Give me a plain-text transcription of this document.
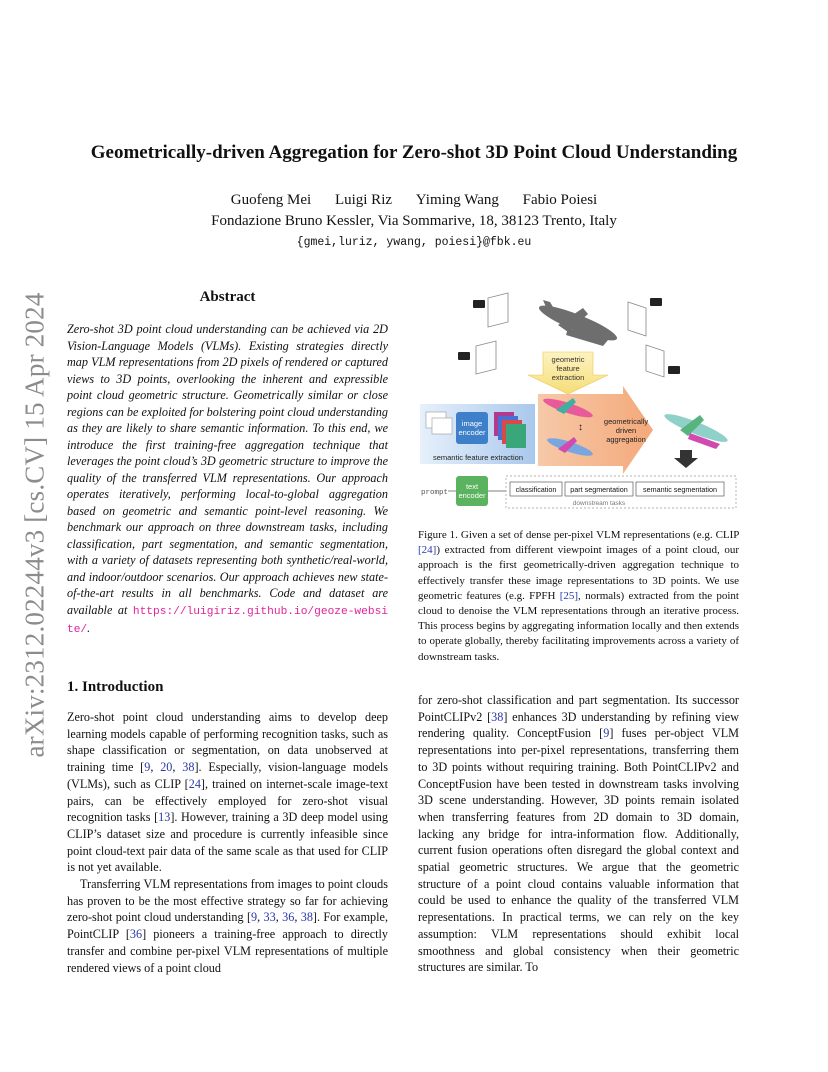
arXiv:2312.02244v3 [cs.CV] 15 Apr 2024
Geometrically-driven Aggregation for Zero-shot 3D Point Cloud Understanding
Guofeng Mei Luigi Riz Yiming Wang Fabio Poiesi
Fondazione Bruno Kessler, Via Sommarive, 18, 38123 Trento, Italy
{gmei,luriz, ywang, poiesi}@fbk.eu
Abstract
Zero-shot 3D point cloud understanding can be achieved via 2D Vision-Language Models (VLMs). Existing strategies directly map VLM representations from 2D pixels of rendered or captured views to 3D points, overlooking the inherent and expressible point cloud geometric structure. Geometrically similar or close regions can be exploited for bolstering point cloud understanding as they are likely to share semantic information. To this end, we introduce the first training-free aggregation technique that leverages the point cloud’s 3D geometric structure to improve the quality of the transferred VLM representations. Our approach operates iteratively, performing local-to-global aggregation based on geometric and semantic point-level reasoning. We benchmark our approach on three downstream tasks, including classification, part segmentation, and semantic segmentation, with a variety of datasets representing both synthetic/real-world, and indoor/outdoor scenarios. Our approach achieves new state-of-the-art results in all benchmarks. Code and dataset are available at https://luigiriz.github.io/geoze-website/.
geometric
feature
extraction
image
encoder
semantic feature extraction
↕
geometrically
driven
aggregation
prompt
text
encoder
classification part segmentation semantic segmentation
downstream tasks
Figure 1. Given a set of dense per-pixel VLM representations (e.g. CLIP [24]) extracted from different viewpoint images of a point cloud, our approach is the first geometrically-driven aggregation technique to effectively transfer these image representations to 3D points. We use geometric features (e.g. FPFH [25], normals) extracted from the point cloud to denoise the VLM representations through an iterative process. This process begins by aggregating information locally and then extends to operate globally, thereby facilitating improvements across a variety of downstream tasks.
1. Introduction

Zero-shot point cloud understanding aims to develop deep learning models capable of performing recognition tasks, such as shape classification or segmentation, on data unobserved at training time [9, 20, 38]. Especially, vision-language models (VLMs), such as CLIP [24], trained on internet-scale image-text pairs, can be effectively employed for zero-shot visual recognition tasks [13]. However, training a 3D deep model using CLIP’s dataset size and procedure is currently infeasible since point cloud-text pair data of the same scale as that used for CLIP is not yet available.

Transferring VLM representations from images to point clouds has proven to be the most effective strategy so far for achieving zero-shot point cloud understanding [9, 33, 36, 38]. For example, PointCLIP [36] pioneers a training-free approach to directly transfer and combine per-pixel VLM representations of multiple rendered views of a point cloud

for zero-shot classification and part segmentation. Its successor PointCLIPv2 [38] enhances 3D understanding by refining view rendering quality. ConceptFusion [9] fuses per-object VLM representations into per-pixel representations, transferring them to 3D points without requiring training. Both PointCLIPv2 and ConceptFusion have been tested in downstream tasks involving 3D scene understanding. However, 3D points remain isolated when transferring features from 2D domain to 3D domain, lacking any bridge for intra-information flow. Additionally, current fusion operations often disregard the global context and spatial geometric structures. We argue that the geometric structure of a point cloud contains valuable information that could be used to enhance the quality of the transferred VLM representations. In practical terms, we can rely on the key assumption: VLM representations should exhibit local smoothness and global consistency when their geometric structures are similar. To
